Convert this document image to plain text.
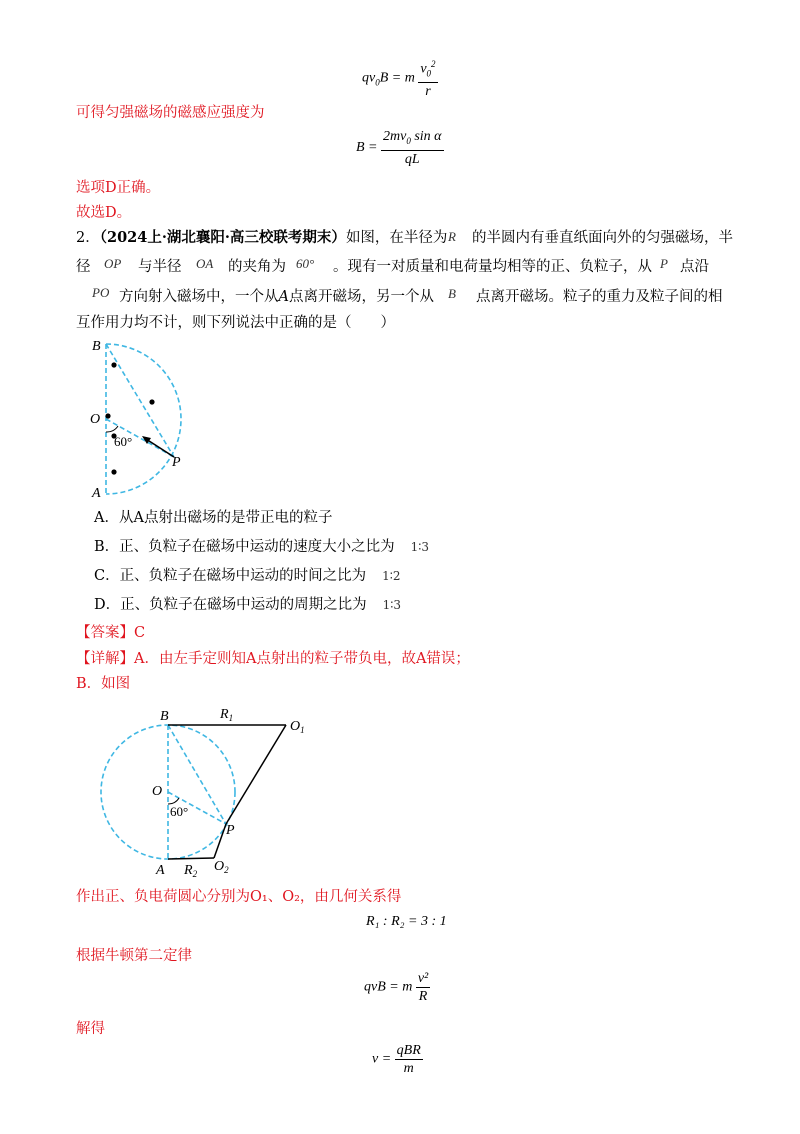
$qv_0B = m \frac{v_0^2}{r}$
可得匀强磁场的磁感应强度为
$B = \frac{2mv_0 \sin \alpha}{qL}$
选项D正确。
故选D。
2．（2024上·湖北襄阳·高三校联考期末）如图，在半径为 R 的半圆内有垂直纸面向外的匀强磁场，半
径 OP 与半径 OA 的夹角为 60° 。现有一对质量和电荷量均相等的正、负粒子，从 P 点沿
PO 方向射入磁场中，一个从A点离开磁场，另一个从 B 点离开磁场。粒子的重力及粒子间的相
互作用力均不计，则下列说法中正确的是（　　）
B
O
60°
P
A
A．从A点射出磁场的是带正电的粒子
B．正、负粒子在磁场中运动的速度大小之比为 1∶3
C．正、负粒子在磁场中运动的时间之比为 1∶2
D．正、负粒子在磁场中运动的周期之比为 1∶3
【答案】C
【详解】A．由左手定则知A点射出的粒子带负电，故A错误；
B．如图
B	$R_1$
$O_1$
O
60°
P
A $R_2$ $O_2$
作出正、负电荷圆心分别为O₁、O₂，由几何关系得
R₁ : R₂ = 3 : 1
根据牛顿第二定律
qvB = m $\frac{\text{v²}}{R}$
解得
$v = \frac{\text{qBR}}{m}$
